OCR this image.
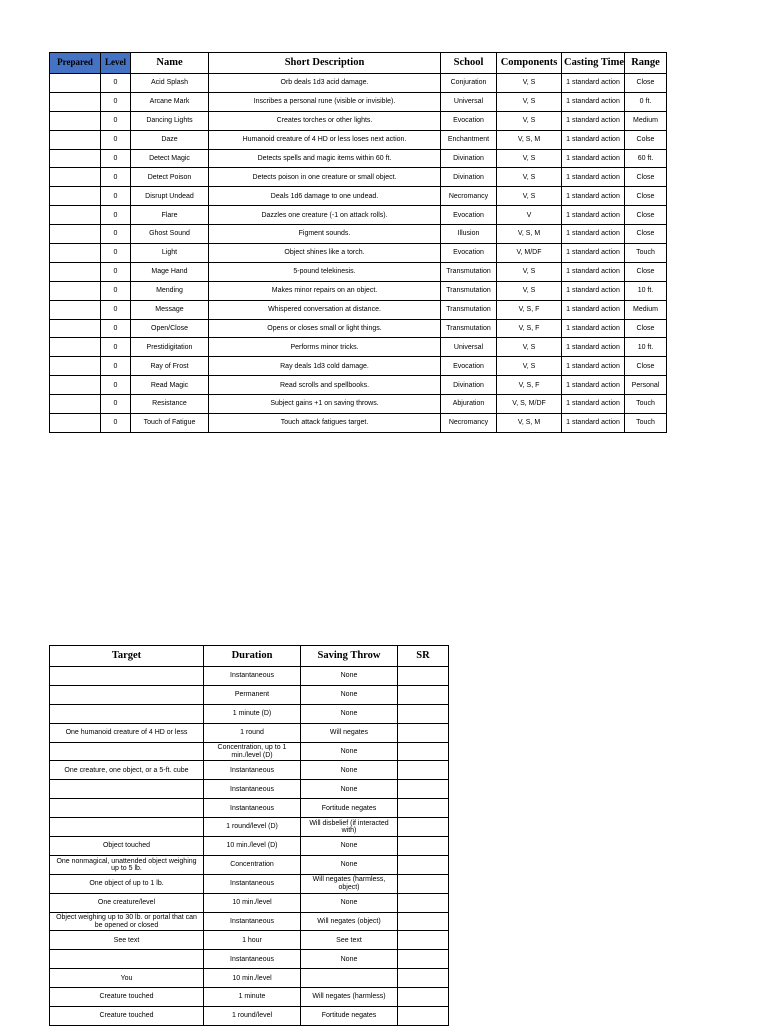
Prepared	Level	Name	Short Description	School	Components	Casting Time	Range
	0	Acid Splash	Orb deals 1d3 acid damage.	Conjuration	V, S	1 standard action	Close
	0	Arcane Mark	Inscribes a personal rune (visible or invisible).	Universal	V, S	1 standard action	0 ft.
	0	Dancing Lights	Creates torches or other lights.	Evocation	V, S	1 standard action	Medium
	0	Daze	Humanoid creature of 4 HD or less loses next action.	Enchantment	V, S, M	1 standard action	Colse
	0	Detect Magic	Detects spells and magic items within 60 ft.	Divination	V, S	1 standard action	60 ft.
	0	Detect Poison	Detects poison in one creature or small object.	Divination	V, S	1 standard action	Close
	0	Disrupt Undead	Deals 1d6 damage to one undead.	Necromancy	V, S	1 standard action	Close
	0	Flare	Dazzles one creature (-1 on attack rolls).	Evocation	V	1 standard action	Close
	0	Ghost Sound	Figment sounds.	Illusion	V, S, M	1 standard action	Close
	0	Light	Object shines like a torch.	Evocation	V, M/DF	1 standard action	Touch
	0	Mage Hand	5-pound telekinesis.	Transmutation	V, S	1 standard action	Close
	0	Mending	Makes minor repairs on an object.	Transmutation	V, S	1 standard action	10 ft.
	0	Message	Whispered conversation at distance.	Transmutation	V, S, F	1 standard action	Medium
	0	Open/Close	Opens or closes small or light things.	Transmutation	V, S, F	1 standard action	Close
	0	Prestidigitation	Performs minor tricks.	Universal	V, S	1 standard action	10 ft.
	0	Ray of Frost	Ray deals 1d3 cold damage.	Evocation	V, S	1 standard action	Close
	0	Read Magic	Read scrolls and spellbooks.	Divination	V, S, F	1 standard action	Personal
	0	Resistance	Subject gains +1 on saving throws.	Abjuration	V, S, M/DF	1 standard action	Touch
	0	Touch of Fatigue	Touch attack fatigues target.	Necromancy	V, S, M	1 standard action	Touch
Target	Duration	Saving Throw	SR
	Instantaneous	None	
	Permanent	None	
	1 minute (D)	None	
One humanoid creature of 4 HD or less	1 round	Will negates	
	Concentration, up to 1 min./level (D)	None	
One creature, one object, or a 5-ft. cube	Instantaneous	None	
	Instantaneous	None	
	Instantaneous	Fortitude negates	
	1 round/level (D)	Will disbelief (if interacted with)	
Object touched	10 min./level (D)	None	
One nonmagical, unattended object weighing up to 5 lb.	Concentration	None	
One object of up to 1 lb.	Instantaneous	Will negates (harmless, object)	
One creature/level	10 min./level	None	
Object weighing up to 30 lb. or portal that can be opened or closed	Instantaneous	Will negates (object)	
See text	1 hour	See text	
	Instantaneous	None	
You	10 min./level		
Creature touched	1 minute	Will negates (harmless)	
Creature touched	1 round/level	Fortitude negates	
